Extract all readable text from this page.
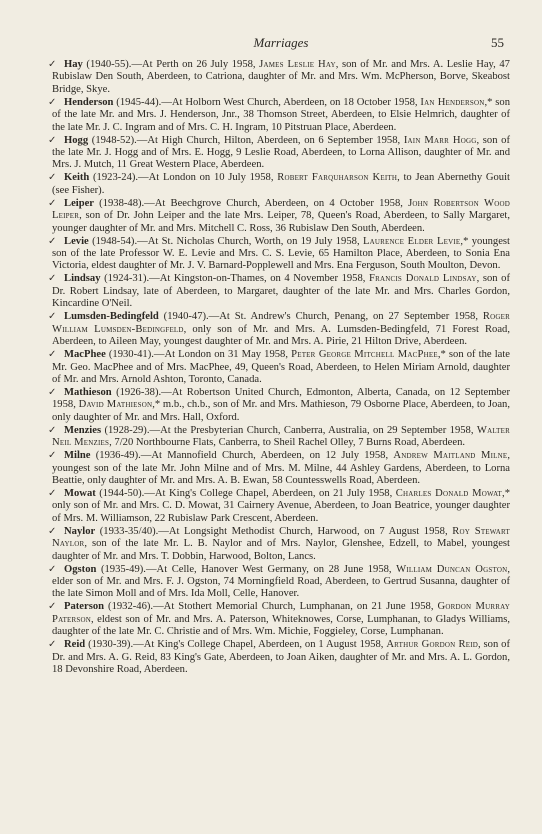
Marriages	55

✓ Hay (1940-55).—At Perth on 26 July 1958, James Leslie Hay, son of Mr. and Mrs. A. Leslie Hay, 47 Rubislaw Den South, Aberdeen, to Catriona, daughter of Mr. and Mrs. Wm. McPherson, Borve, Skeabost Bridge, Skye.

✓ Henderson (1945-44).—At Holborn West Church, Aberdeen, on 18 October 1958, Ian Henderson,* son of the late Mr. and Mrs. J. Henderson, Jnr., 38 Thomson Street, Aberdeen, to Elsie Helmrich, daughter of the late Mr. J. C. Ingram and of Mrs. C. H. Ingram, 10 Pitstruan Place, Aberdeen.

✓ Hogg (1948-52).—At High Church, Hilton, Aberdeen, on 6 September 1958, Iain Marr Hogg, son of the late Mr. J. Hogg and of Mrs. E. Hogg, 9 Leslie Road, Aberdeen, to Lorna Allison, daughter of Mr. and Mrs. J. Mutch, 11 Great Western Place, Aberdeen.

✓ Keith (1923-24).—At London on 10 July 1958, Robert Farquharson Keith, to Jean Abernethy Gouit (see Fisher).

✓ Leiper (1938-48).—At Beechgrove Church, Aberdeen, on 4 October 1958, John Robertson Wood Leiper, son of Dr. John Leiper and the late Mrs. Leiper, 78, Queen's Road, Aberdeen, to Sally Margaret, younger daughter of Mr. and Mrs. Mitchell C. Ross, 36 Rubislaw Den South, Aberdeen.

✓ Levie (1948-54).—At St. Nicholas Church, Worth, on 19 July 1958, Laurence Elder Levie,* youngest son of the late Professor W. E. Levie and Mrs. C. S. Levie, 65 Hamilton Place, Aberdeen, to Sonia Ena Victoria, eldest daughter of Mr. J. V. Barnard-Popplewell and Mrs. Ena Ferguson, South Moulton, Devon.

✓ Lindsay (1924-31).—At Kingston-on-Thames, on 4 November 1958, Francis Donald Lindsay, son of Dr. Robert Lindsay, late of Aberdeen, to Margaret, daughter of the late Mr. and Mrs. Charles Gordon, Kincardine O'Neil.

✓ Lumsden-Bedingfeld (1940-47).—At St. Andrew's Church, Penang, on 27 September 1958, Roger William Lumsden-Bedingfeld, only son of Mr. and Mrs. A. Lumsden-Bedingfeld, 71 Forest Road, Aberdeen, to Aileen May, youngest daughter of Mr. and Mrs. A. Pirie, 21 Hilton Drive, Aberdeen.

✓ MacPhee (1930-41).—At London on 31 May 1958, Peter George Mitchell MacPhee,* son of the late Mr. Geo. MacPhee and of Mrs. MacPhee, 49, Queen's Road, Aberdeen, to Helen Miriam Arnold, daughter of Mr. and Mrs. Arnold Ashton, Toronto, Canada.

✓ Mathieson (1926-38).—At Robertson United Church, Edmonton, Alberta, Canada, on 12 September 1958, David Mathieson,* m.b., ch.b., son of Mr. and Mrs. Mathieson, 79 Osborne Place, Aberdeen, to Joan, only daughter of Mr. and Mrs. Hall, Oxford.

✓ Menzies (1928-29).—At the Presbyterian Church, Canberra, Australia, on 29 September 1958, Walter Neil Menzies, 7/20 Northbourne Flats, Canberra, to Sheil Rachel Olley, 7 Burns Road, Aberdeen.

✓ Milne (1936-49).—At Mannofield Church, Aberdeen, on 12 July 1958, Andrew Maitland Milne, youngest son of the late Mr. John Milne and of Mrs. M. Milne, 44 Ashley Gardens, Aberdeen, to Lorna Beattie, only daughter of Mr. and Mrs. A. B. Ewan, 58 Countesswells Road, Aberdeen.

✓ Mowat (1944-50).—At King's College Chapel, Aberdeen, on 21 July 1958, Charles Donald Mowat,* only son of Mr. and Mrs. C. D. Mowat, 31 Cairnery Avenue, Aberdeen, to Joan Beatrice, younger daughter of Mrs. M. Williamson, 22 Rubislaw Park Crescent, Aberdeen.

✓ Naylor (1933-35/40).—At Longsight Methodist Church, Harwood, on 7 August 1958, Roy Stewart Naylor, son of the late Mr. L. B. Naylor and of Mrs. Naylor, Glenshee, Edzell, to Mabel, youngest daughter of Mr. and Mrs. T. Dobbin, Harwood, Bolton, Lancs.

✓ Ogston (1935-49).—At Celle, Hanover West Germany, on 28 June 1958, William Duncan Ogston, elder son of Mr. and Mrs. F. J. Ogston, 74 Morningfield Road, Aberdeen, to Gertrud Susanna, daughter of the late Simon Moll and of Mrs. Ida Moll, Celle, Hanover.

✓ Paterson (1932-46).—At Stothert Memorial Church, Lumphanan, on 21 June 1958, Gordon Murray Paterson, eldest son of Mr. and Mrs. A. Paterson, Whiteknowes, Corse, Lumphanan, to Gladys Williams, daughter of the late Mr. C. Christie and of Mrs. Wm. Michie, Foggieley, Corse, Lumphanan.

✓ Reid (1930-39).—At King's College Chapel, Aberdeen, on 1 August 1958, Arthur Gordon Reid, son of Dr. and Mrs. A. G. Reid, 83 King's Gate, Aberdeen, to Joan Aiken, daughter of Mr. and Mrs. A. L. Gordon, 18 Devonshire Road, Aberdeen.
